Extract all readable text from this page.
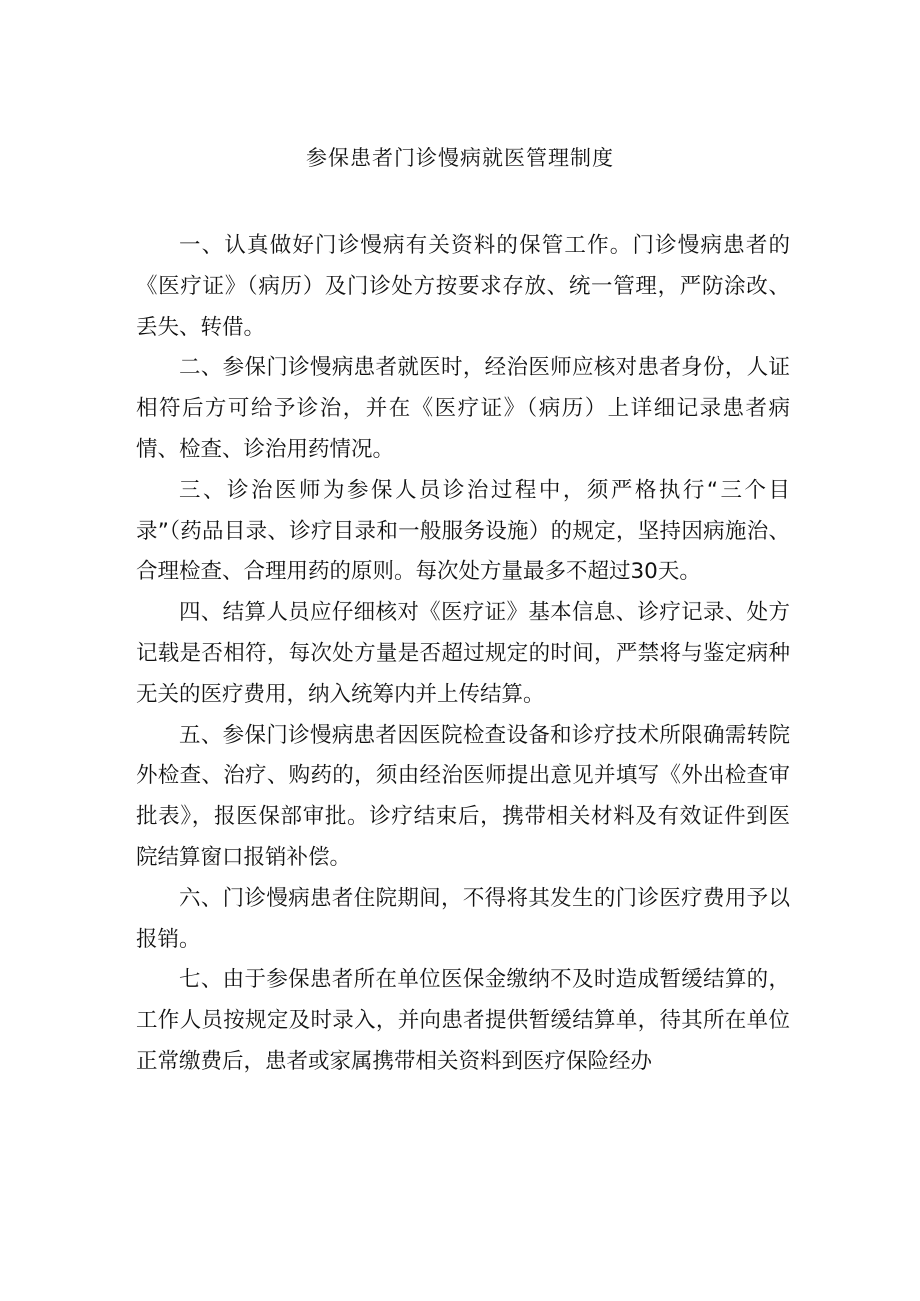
参保患者门诊慢病就医管理制度

一、认真做好门诊慢病有关资料的保管工作。门诊慢病患者的《医疗证》（病历）及门诊处方按要求存放、统一管理，严防涂改、丢失、转借。

二、参保门诊慢病患者就医时，经治医师应核对患者身份，人证相符后方可给予诊治，并在《医疗证》（病历）上详细记录患者病情、检查、诊治用药情况。

三、诊治医师为参保人员诊治过程中，须严格执行“三个目录”（药品目录、诊疗目录和一般服务设施）的规定，坚持因病施治、合理检查、合理用药的原则。每次处方量最多不超过30天。

四、结算人员应仔细核对《医疗证》基本信息、诊疗记录、处方记载是否相符，每次处方量是否超过规定的时间，严禁将与鉴定病种无关的医疗费用，纳入统筹内并上传结算。

五、参保门诊慢病患者因医院检查设备和诊疗技术所限确需转院外检查、治疗、购药的，须由经治医师提出意见并填写《外出检查审批表》，报医保部审批。诊疗结束后，携带相关材料及有效证件到医院结算窗口报销补偿。

六、门诊慢病患者住院期间，不得将其发生的门诊医疗费用予以报销。

七、由于参保患者所在单位医保金缴纳不及时造成暂缓结算的，工作人员按规定及时录入，并向患者提供暂缓结算单，待其所在单位正常缴费后，患者或家属携带相关资料到医疗保险经办
